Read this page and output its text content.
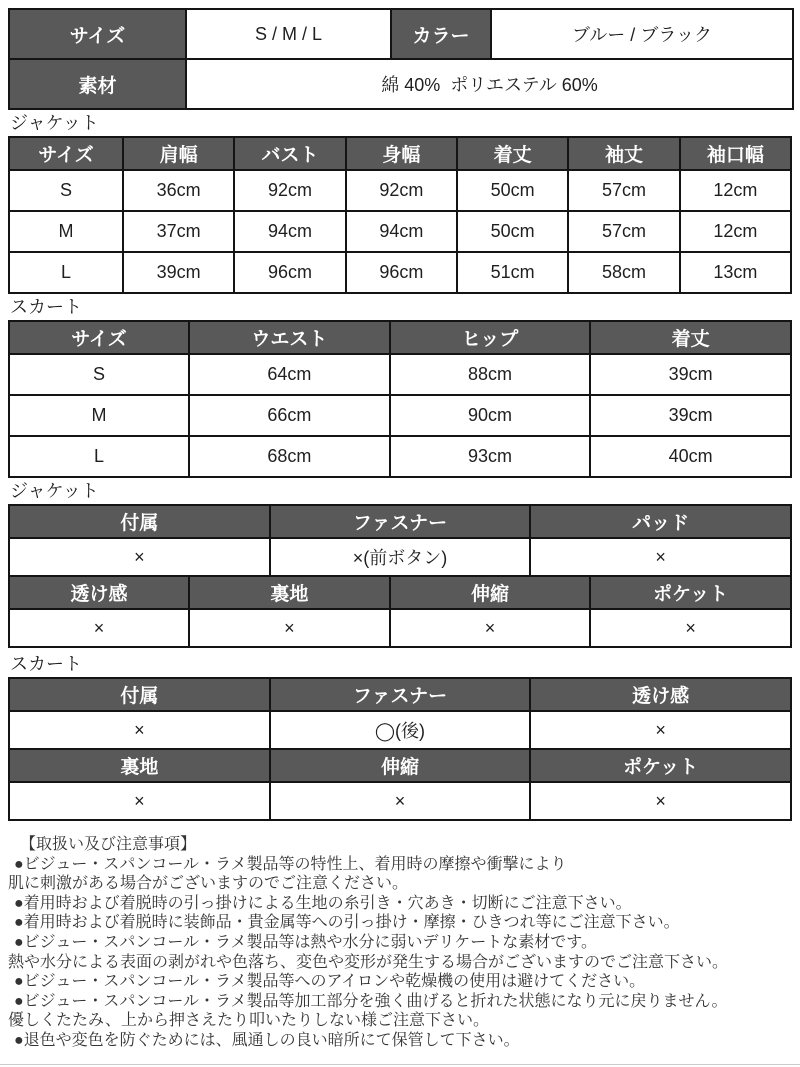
サイズ	S / M / L	カラー	ブルー / ブラック
素材	綿 40%  ポリエステル 60%		
ジャケット
サイズ	肩幅	バスト	身幅	着丈	袖丈	袖口幅
S	36cm	92cm	92cm	50cm	57cm	12cm
M	37cm	94cm	94cm	50cm	57cm	12cm
L	39cm	96cm	96cm	51cm	58cm	13cm
スカート
サイズ	ウエスト	ヒップ	着丈
S	64cm	88cm	39cm
M	66cm	90cm	39cm
L	68cm	93cm	40cm
ジャケット
付属	ファスナー	パッド
×	×(前ボタン)	×
透け感	裏地	伸縮	ポケット
×	×	×	×
スカート
付属	ファスナー	透け感
×	◯(後)	×
裏地	伸縮	ポケット
×	×	×
【取扱い及び注意事項】
●ビジュー・スパンコール・ラメ製品等の特性上、着用時の摩擦や衝撃により
肌に刺激がある場合がございますのでご注意ください。
●着用時および着脱時の引っ掛けによる生地の糸引き・穴あき・切断にご注意下さい。
●着用時および着脱時に装飾品・貴金属等への引っ掛け・摩擦・ひきつれ等にご注意下さい。
●ビジュー・スパンコール・ラメ製品等は熱や水分に弱いデリケートな素材です。
熱や水分による表面の剥がれや色落ち、変色や変形が発生する場合がございますのでご注意下さい。
●ビジュー・スパンコール・ラメ製品等へのアイロンや乾燥機の使用は避けてください。
●ビジュー・スパンコール・ラメ製品等加工部分を強く曲げると折れた状態になり元に戻りません。
優しくたたみ、上から押さえたり叩いたりしない様ご注意下さい。
●退色や変色を防ぐためには、風通しの良い暗所にて保管して下さい。
